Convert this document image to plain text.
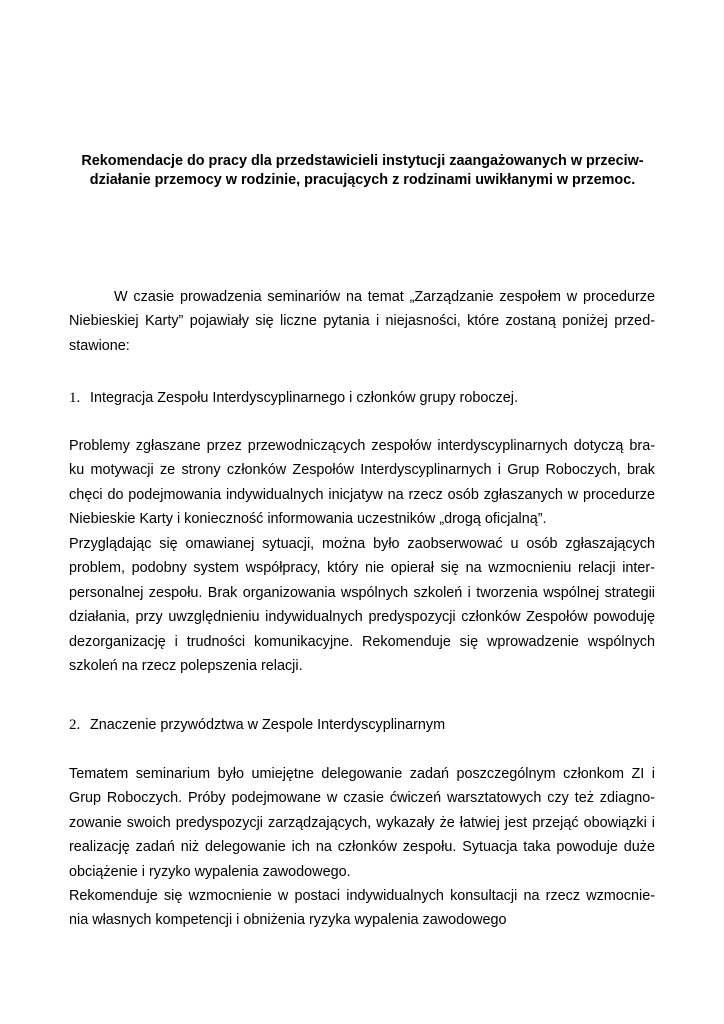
Rekomendacje do pracy dla przedstawicieli instytucji zaangażowanych w przeciw-
działanie przemocy w rodzinie, pracujących z rodzinami uwikłanymi w przemoc.
W czasie prowadzenia seminariów na temat „Zarządzanie zespołem w procedurze
Niebieskiej Karty” pojawiały się liczne pytania i niejasności, które zostaną poniżej przed-
stawione:
1. Integracja Zespołu Interdyscyplinarnego i członków grupy roboczej.
Problemy zgłaszane przez przewodniczących zespołów interdyscyplinarnych dotyczą bra-
ku motywacji ze strony członków Zespołów Interdyscyplinarnych i Grup Roboczych, brak
chęci do podejmowania indywidualnych inicjatyw na rzecz osób zgłaszanych w procedurze
Niebieskie Karty i konieczność informowania uczestników „drogą oficjalną”.
Przyglądając się omawianej sytuacji, można było zaobserwować u osób zgłaszających
problem, podobny system współpracy, który nie opierał się na wzmocnieniu relacji inter-
personalnej zespołu. Brak organizowania wspólnych szkoleń i tworzenia wspólnej strategii
działania, przy uwzględnieniu indywidualnych predyspozycji członków Zespołów powoduję
dezorganizację i trudności komunikacyjne. Rekomenduje się wprowadzenie wspólnych
szkoleń na rzecz polepszenia relacji.
2. Znaczenie przywództwa w Zespole Interdyscyplinarnym
Tematem seminarium było umiejętne delegowanie zadań poszczególnym członkom ZI i
Grup Roboczych. Próby podejmowane w czasie ćwiczeń warsztatowych czy też zdiagno-
zowanie swoich predyspozycji zarządzających, wykazały że łatwiej jest przejąć obowiązki i
realizację zadań niż delegowanie ich na członków zespołu. Sytuacja taka powoduje duże
obciążenie i ryzyko wypalenia zawodowego.
Rekomenduje się wzmocnienie w postaci indywidualnych konsultacji na rzecz wzmocnie-
nia własnych kompetencji i obniżenia ryzyka wypalenia zawodowego
